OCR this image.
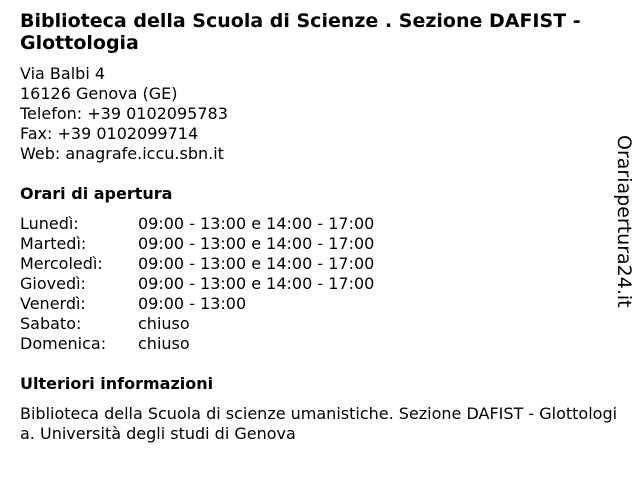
Biblioteca della Scuola di Scienze . Sezione DAFIST - Glottologia
Via Balbi 4
16126 Genova (GE)
Telefon: +39 0102095783
Fax: +39 0102099714
Web: anagrafe.iccu.sbn.it
Orari di apertura
Lunedì:	09:00 - 13:00 e 14:00 - 17:00
Martedì:	09:00 - 13:00 e 14:00 - 17:00
Mercoledì: 09:00 - 13:00 e 14:00 - 17:00
Giovedì:	09:00 - 13:00 e 14:00 - 17:00
Venerdì:	09:00 - 13:00
Sabato:	chiuso
Domenica: chiuso
Ulteriori informazioni
Biblioteca della Scuola di scienze umanistiche. Sezione DAFIST - Glottologia. Università degli studi di Genova
Orariapertura24.it
